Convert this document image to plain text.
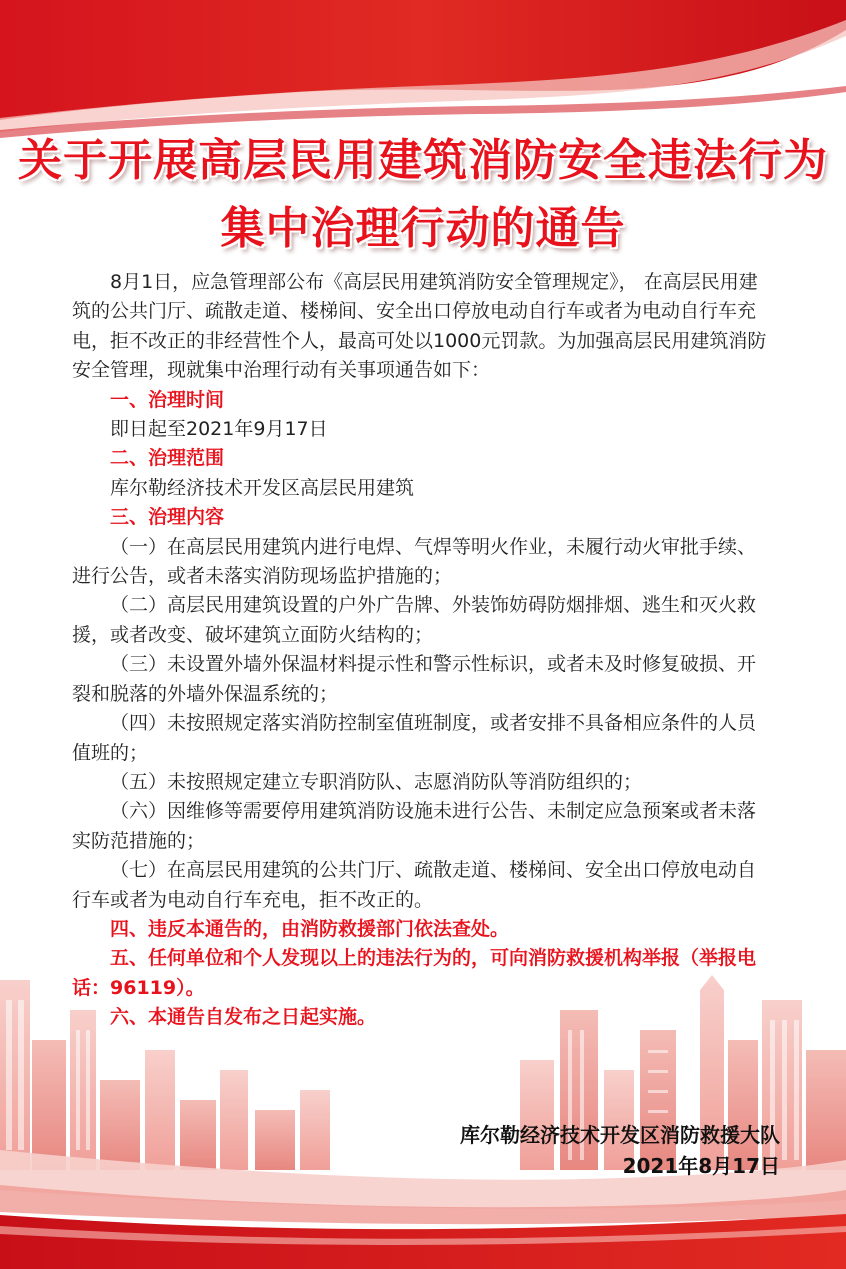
关于开展高层民用建筑消防安全违法行为
集中治理行动的通告

8月1日，应急管理部公布《高层民用建筑消防安全管理规定》， 在高层民用建筑的公共门厅、疏散走道、楼梯间、安全出口停放电动自行车或者为电动自行车充电，拒不改正的非经营性个人，最高可处以1000元罚款。为加强高层民用建筑消防安全管理，现就集中治理行动有关事项通告如下：

一、治理时间

即日起至2021年9月17日

二、治理范围

库尔勒经济技术开发区高层民用建筑

三、治理内容

（一）在高层民用建筑内进行电焊、气焊等明火作业，未履行动火审批手续、进行公告，或者未落实消防现场监护措施的；

（二）高层民用建筑设置的户外广告牌、外装饰妨碍防烟排烟、逃生和灭火救援，或者改变、破坏建筑立面防火结构的；

（三）未设置外墙外保温材料提示性和警示性标识，或者未及时修复破损、开裂和脱落的外墙外保温系统的；

（四）未按照规定落实消防控制室值班制度，或者安排不具备相应条件的人员值班的；

（五）未按照规定建立专职消防队、志愿消防队等消防组织的；

（六）因维修等需要停用建筑消防设施未进行公告、未制定应急预案或者未落实防范措施的；

（七）在高层民用建筑的公共门厅、疏散走道、楼梯间、安全出口停放电动自行车或者为电动自行车充电，拒不改正的。

四、违反本通告的，由消防救援部门依法查处。

五、任何单位和个人发现以上的违法行为的，可向消防救援机构举报（举报电话：96119）。

六、本通告自发布之日起实施。

库尔勒经济技术开发区消防救援大队
2021年8月17日
